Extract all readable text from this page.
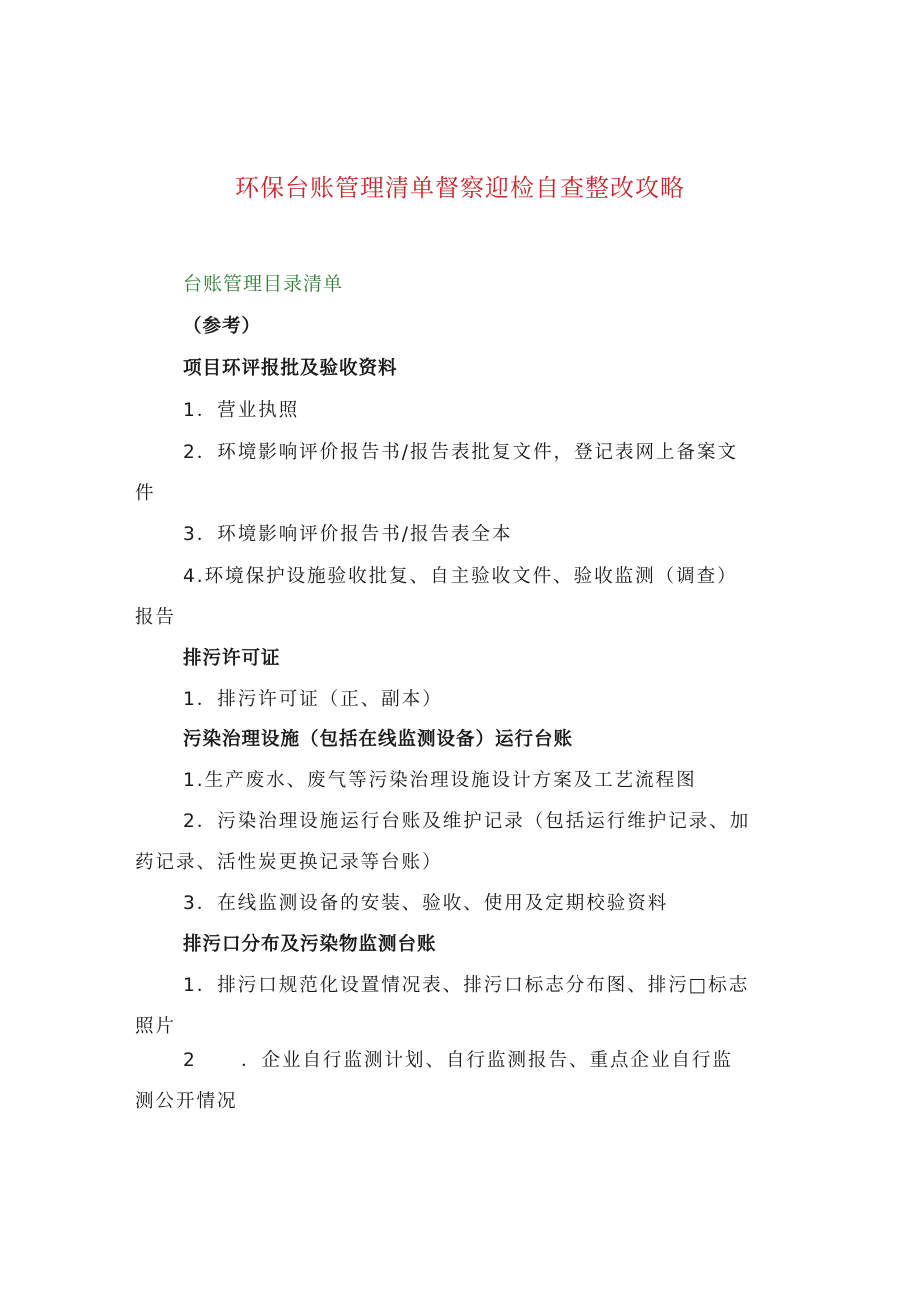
环保台账管理清单督察迎检自查整改攻略
台账管理目录清单
（参考）
项目环评报批及验收资料
1．营业执照
2．环境影响评价报告书/报告表批复文件，登记表网上备案文
件
3．环境影响评价报告书/报告表全本
4.环境保护设施验收批复、自主验收文件、验收监测（调查）
报告
排污许可证
1．排污许可证（正、副本）
污染治理设施（包括在线监测设备）运行台账
1.生产废水、废气等污染治理设施设计方案及工艺流程图
2．污染治理设施运行台账及维护记录（包括运行维护记录、加
药记录、活性炭更换记录等台账）
3．在线监测设备的安装、验收、使用及定期校验资料
排污口分布及污染物监测台账
1．排污口规范化设置情况表、排污口标志分布图、排污□标志
照片
2 ．企业自行监测计划、自行监测报告、重点企业自行监
测公开情况
